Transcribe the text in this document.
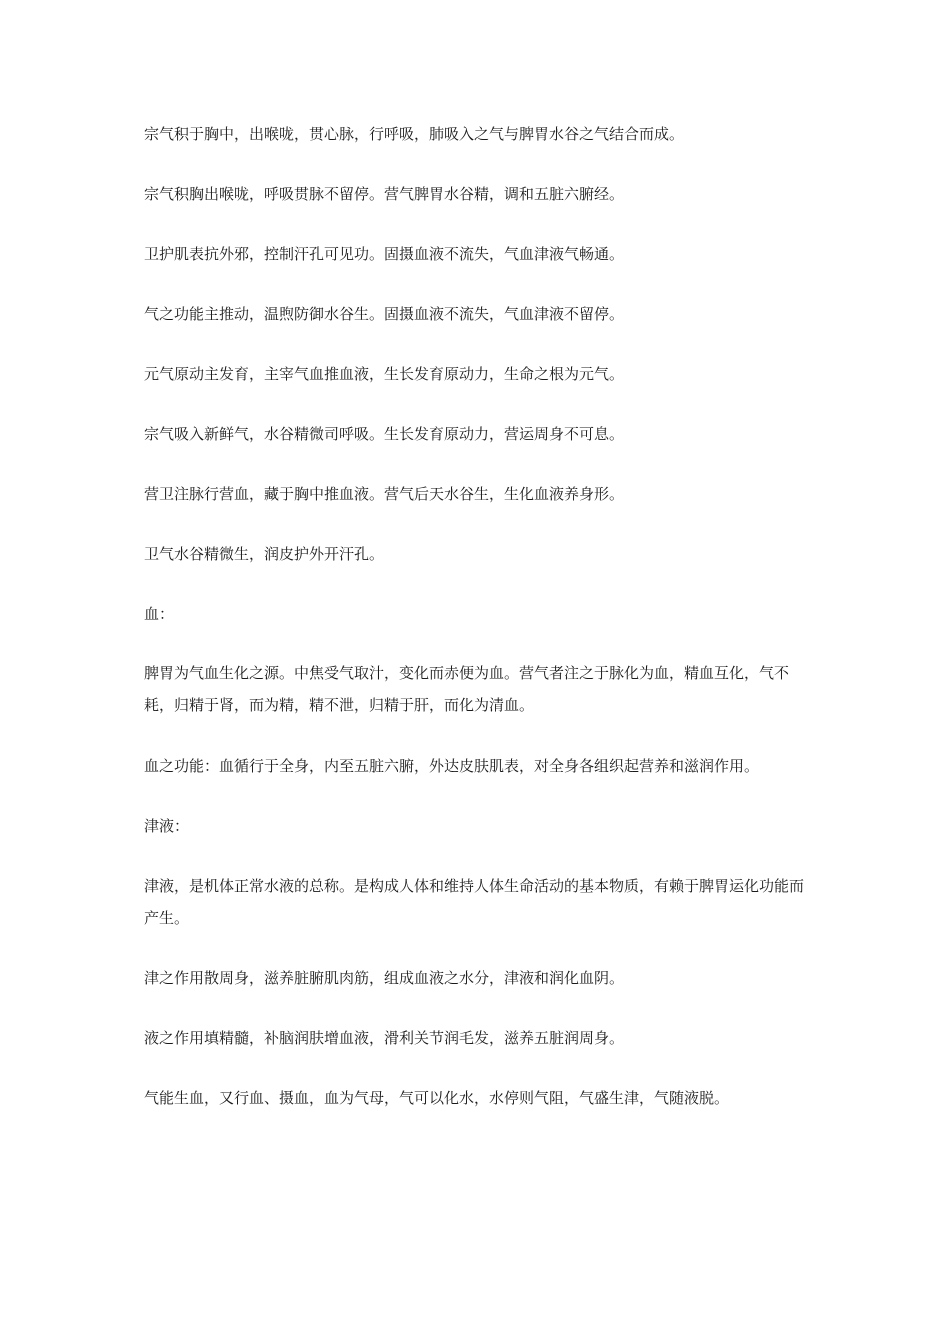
宗气积于胸中，出喉咙，贯心脉，行呼吸，肺吸入之气与脾胃水谷之气结合而成。

宗气积胸出喉咙，呼吸贯脉不留停。营气脾胃水谷精，调和五脏六腑经。

卫护肌表抗外邪，控制汗孔可见功。固摄血液不流失，气血津液气畅通。

气之功能主推动，温煦防御水谷生。固摄血液不流失，气血津液不留停。

元气原动主发育，主宰气血推血液，生长发育原动力，生命之根为元气。

宗气吸入新鲜气，水谷精微司呼吸。生长发育原动力，营运周身不可息。

营卫注脉行营血，藏于胸中推血液。营气后天水谷生，生化血液养身形。

卫气水谷精微生，润皮护外开汗孔。

血：

脾胃为气血生化之源。中焦受气取汁，变化而赤便为血。营气者注之于脉化为血，精血互化，气不耗，归精于肾，而为精，精不泄，归精于肝，而化为清血。

血之功能：血循行于全身，内至五脏六腑，外达皮肤肌表，对全身各组织起营养和滋润作用。

津液：

津液，是机体正常水液的总称。是构成人体和维持人体生命活动的基本物质，有赖于脾胃运化功能而产生。

津之作用散周身，滋养脏腑肌肉筋，组成血液之水分，津液和润化血阴。

液之作用填精髓，补脑润肤增血液，滑利关节润毛发，滋养五脏润周身。

气能生血，又行血、摄血，血为气母，气可以化水，水停则气阻，气盛生津，气随液脱。
